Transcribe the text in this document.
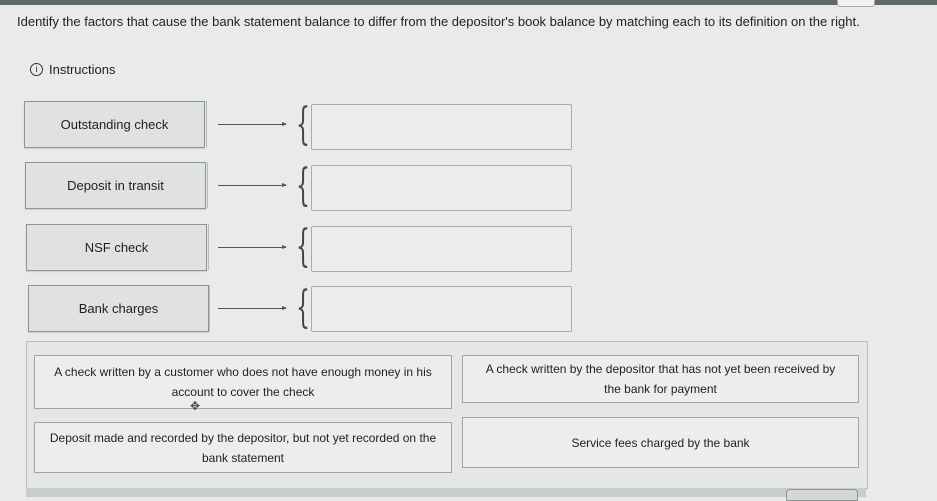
Identify the factors that cause the bank statement balance to differ from the depositor's book balance by matching each to its definition on the right.
i Instructions
Outstanding check	{
Deposit in transit	{
NSF check	{
Bank charges	{
A check written by a customer who does not have enough money in his account to cover the check
A check written by the depositor that has not yet been received by the bank for payment
Deposit made and recorded by the depositor, but not yet recorded on the bank statement
Service fees charged by the bank
✥
